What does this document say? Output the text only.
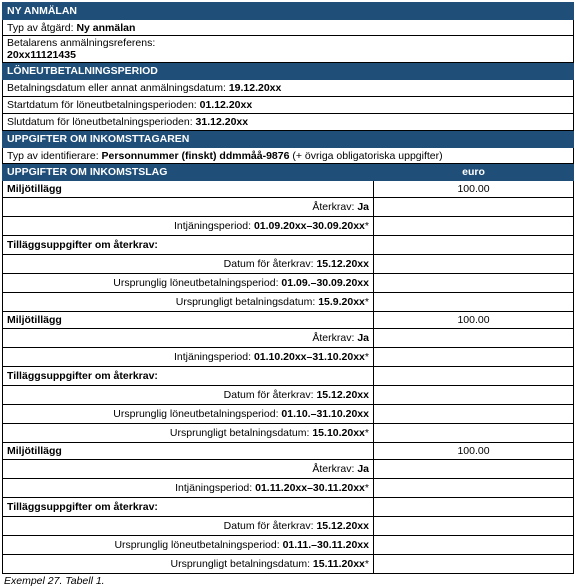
NY ANMÄLAN	
Typ av åtgärd: Ny anmälan	
Betalarens anmälningsreferens:
20xx11121435	
LÖNEUTBETALNINGSPERIOD	
Betalningsdatum eller annat anmälningsdatum: 19.12.20xx	
Startdatum för löneutbetalningsperioden: 01.12.20xx	
Slutdatum för löneutbetalningsperioden: 31.12.20xx	
UPPGIFTER OM INKOMSTTAGAREN	
Typ av identifierare: Personnummer (finskt) ddmmåå-9876 (+ övriga obligatoriska uppgifter)	
UPPGIFTER OM INKOMSTSLAG	euro
Miljötillägg	100.00
Återkrav: Ja	
Intjäningsperiod: 01.09.20xx–30.09.20xx*	
Tilläggsuppgifter om återkrav:	
Datum för återkrav: 15.12.20xx	
Ursprunglig löneutbetalningsperiod: 01.09.–30.09.20xx	
Ursprungligt betalningsdatum: 15.9.20xx*	
Miljötillägg	100.00
Återkrav: Ja	
Intjäningsperiod: 01.10.20xx–31.10.20xx*	
Tilläggsuppgifter om återkrav:	
Datum för återkrav: 15.12.20xx	
Ursprunglig löneutbetalningsperiod: 01.10.–31.10.20xx	
Ursprungligt betalningsdatum: 15.10.20xx*	
Miljötillägg	100.00
Återkrav: Ja	
Intjäningsperiod: 01.11.20xx–30.11.20xx*	
Tilläggsuppgifter om återkrav:	
Datum för återkrav: 15.12.20xx	
Ursprunglig löneutbetalningsperiod: 01.11.–30.11.20xx	
Ursprungligt betalningsdatum: 15.11.20xx*	
Exempel 27. Tabell 1.
